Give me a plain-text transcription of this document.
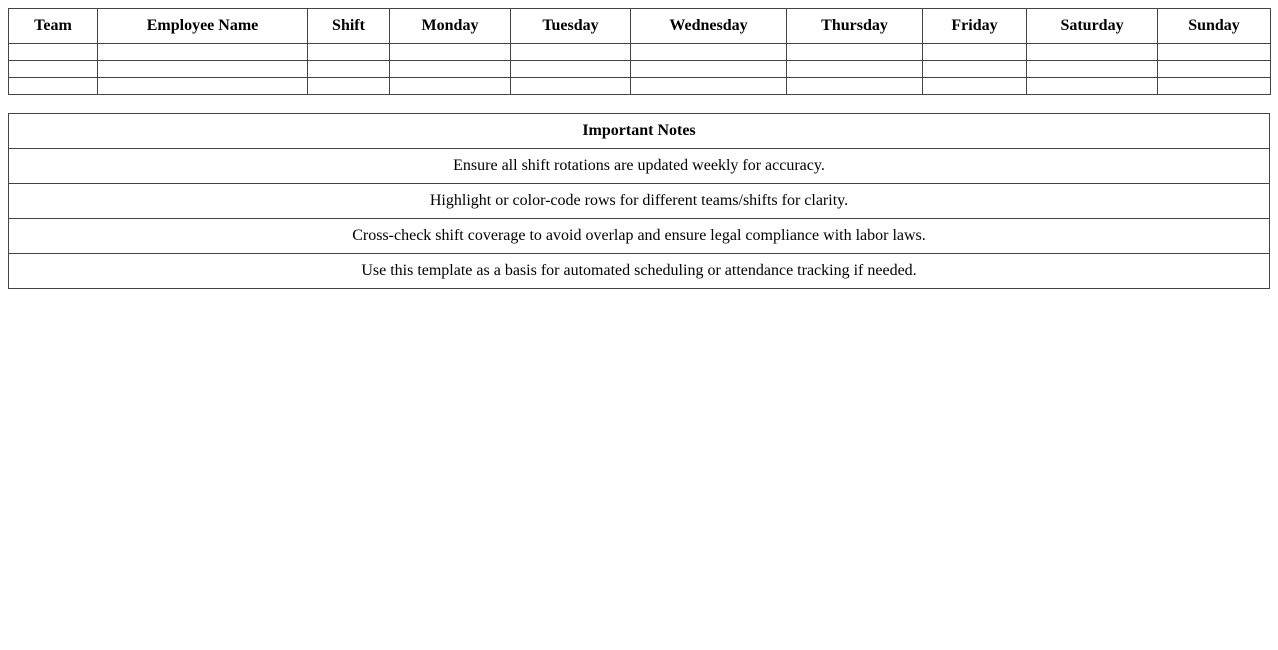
Team	Employee Name	Shift	Monday	Tuesday	Wednesday	Thursday	Friday	Saturday	Sunday

Important Notes
Ensure all shift rotations are updated weekly for accuracy.
Highlight or color-code rows for different teams/shifts for clarity.
Cross-check shift coverage to avoid overlap and ensure legal compliance with labor laws.
Use this template as a basis for automated scheduling or attendance tracking if needed.
